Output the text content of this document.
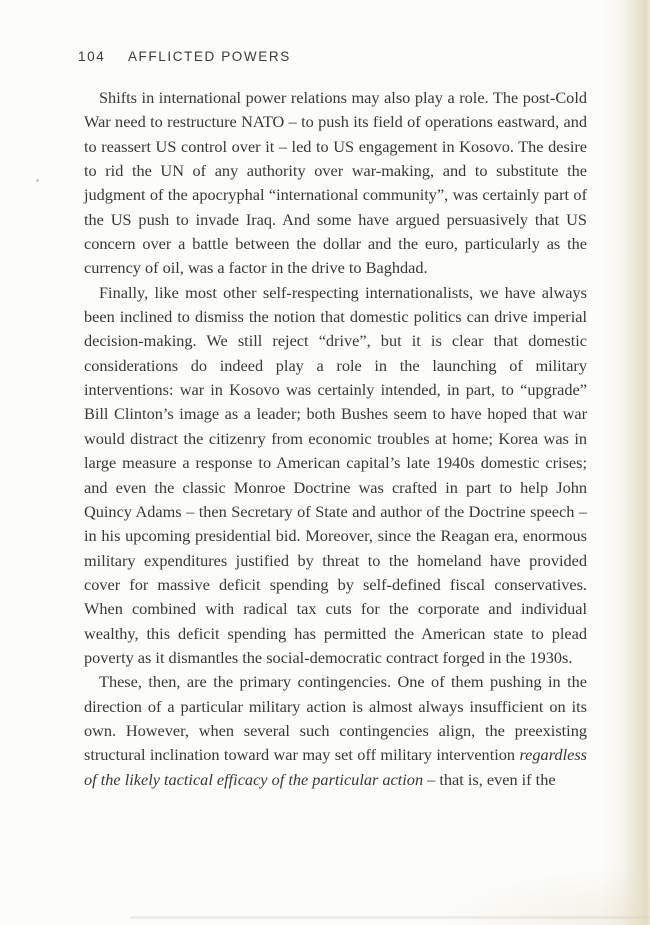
104 AFFLICTED POWERS

Shifts in international power relations may also play a role. The post-Cold War need to restructure NATO – to push its field of operations eastward, and to reassert US control over it – led to US engagement in Kosovo. The desire to rid the UN of any authority over war-making, and to substitute the judgment of the apocryphal “international community”, was certainly part of the US push to invade Iraq. And some have argued persuasively that US concern over a battle between the dollar and the euro, particularly as the currency of oil, was a factor in the drive to Baghdad.

Finally, like most other self-respecting internationalists, we have always been inclined to dismiss the notion that domestic politics can drive imperial decision-making. We still reject “drive”, but it is clear that domestic considerations do indeed play a role in the launching of military interventions: war in Kosovo was certainly intended, in part, to “upgrade” Bill Clinton’s image as a leader; both Bushes seem to have hoped that war would distract the citizenry from economic troubles at home; Korea was in large measure a response to American capital’s late 1940s domestic crises; and even the classic Monroe Doctrine was crafted in part to help John Quincy Adams – then Secretary of State and author of the Doctrine speech – in his upcoming presidential bid. Moreover, since the Reagan era, enormous military expenditures justified by threat to the homeland have provided cover for massive deficit spending by self-defined fiscal conservatives. When combined with radical tax cuts for the corporate and individual wealthy, this deficit spending has permitted the American state to plead poverty as it dismantles the social-democratic contract forged in the 1930s.

These, then, are the primary contingencies. One of them pushing in the direction of a particular military action is almost always insufficient on its own. However, when several such contingencies align, the preexisting structural inclination toward war may set off military intervention regardless of the likely tactical efficacy of the particular action – that is, even if the
